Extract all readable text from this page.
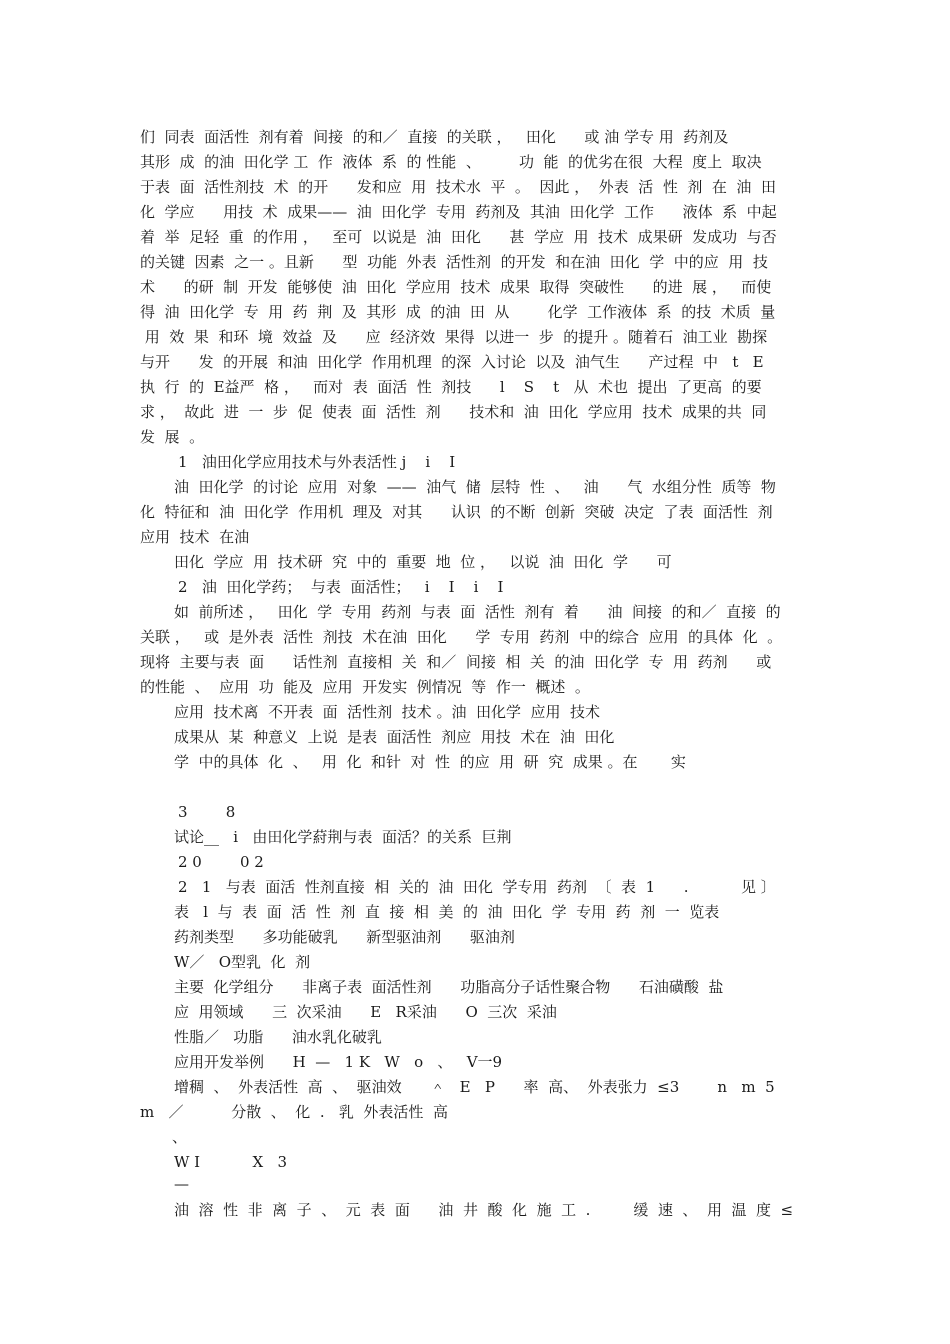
们  同表  面活性  剂有着  间接  的和／  直接  的关联 ，   田化      或 油 学专 用  药剂及
其形  成  的油  田化学 工  作  液体  系  的 性能  、        功  能  的优劣在很  大程  度上  取决
于表  面  活性剂技  术  的开      发和应  用  技术水  平  。  因此 ，  外表  活  性  剂  在  油  田
化  学应      用技  术  成果——  油  田化学  专用  药剂及  其油  田化学  工作      液体  系  中起
着  举  足轻  重  的作用 ，   至可  以说是  油  田化      甚  学应  用  技术  成果研  发成功  与否
的关键  因素  之一 。且新      型  功能  外表  活性剂  的开发  和在油  田化  学  中的应  用  技
术      的研  制  开发  能够使  油  田化  学应用  技术  成果  取得  突破性      的进  展 ，   而使
得  油  田化学  专  用  药  荆  及  其形  成  的油  田  从        化学  工作液体  系  的技  术质  量
用  效  果  和环  境  效益  及      应  经济效  果得  以进一  步  的提升 。随着石  油工业  勘探
与开      发  的开展  和油  田化学  作用机理  的深  入讨论  以及  油气生      产过程  中   t   E
执  行  的  E益严  格 ，   而对  表  面活  性  剂技      l    S    t   从  术也  提出  了更高  的要
求 ，  故此  进  一  步  促  使表  面  活性  剂      技术和  油  田化  学应用  技术  成果的共  同
发  展  。
1   油田化学应用技术与外表活性 j    i    I
油  田化学  的讨论  应用  对象  ——  油气  储  层特  性  、   油      气  水组分性  质等  物
化  特征和  油  田化学  作用机  理及  对其      认识  的不断  创新  突破  决定  了表  面活性  剂
应用  技术  在油
田化  学应  用  技术研  究  中的  重要  地  位 ，   以说  油  田化  学      可
2   油  田化学药；  与表  面活性；   i    I    i    I
如  前所述 ，   田化  学  专用  药剂  与表  面  活性  剂有  着      油  间接  的和／  直接  的
关联 ，   或  是外表  活性  剂技  术在油  田化      学  专用  药剂  中的综合  应用  的具体  化  。
现将  主要与表  面      话性剂  直接相  关  和／  间接  相  关  的油  田化学  专  用  药剂      或
的性能  、  应用  功  能及  应用  开发实  例情况  等  作一  概述  。
应用  技术离  不开表  面  活性剂  技术 。油  田化学  应用  技术
成果从  某  种意义  上说  是表  面活性  剂应  用技  术在  油  田化
学  中的具体  化  、   用  化  和针  对  性  的应  用  研  究  成果 。在       实
3        8
试论__   i   由田化学葤荆与表  面活？的关系  巨荆
2 0        0 2
2   1   与表  面活  性剂直接  相  关的  油  田化  学专用  药剂  〔  表  1      .           见 〕
表   l  与  表  面  活  性  剂  直  接  相  美  的  油  田化  学  专用  药  剂  一  览表
药剂类型      多功能破乳      新型驱油剂      驱油剂
W／   O型乳  化  剂
主要  化学组分      非离子表  面活性剂      功脂高分子话性聚合物      石油磺酸  盐
应  用领域      三  次采油      E   R采油      O  三次  采油
性脂／   功脂      油水乳化破乳
应用开发举例      H  —   1 K   W   o   、   V一9
增稠  、  外表活性  高  、  驱油效      ＾   E   P      率  高、  外表张力  ≤3        n   m  5
m   ／          分散  、  化  .   乳  外表活性  高
、
W I           X   3
—
油  溶  性  非  离  子  、  元  表  面      油  井  酸  化  施  工  .         缓  速  、  用  温  度  ≤
